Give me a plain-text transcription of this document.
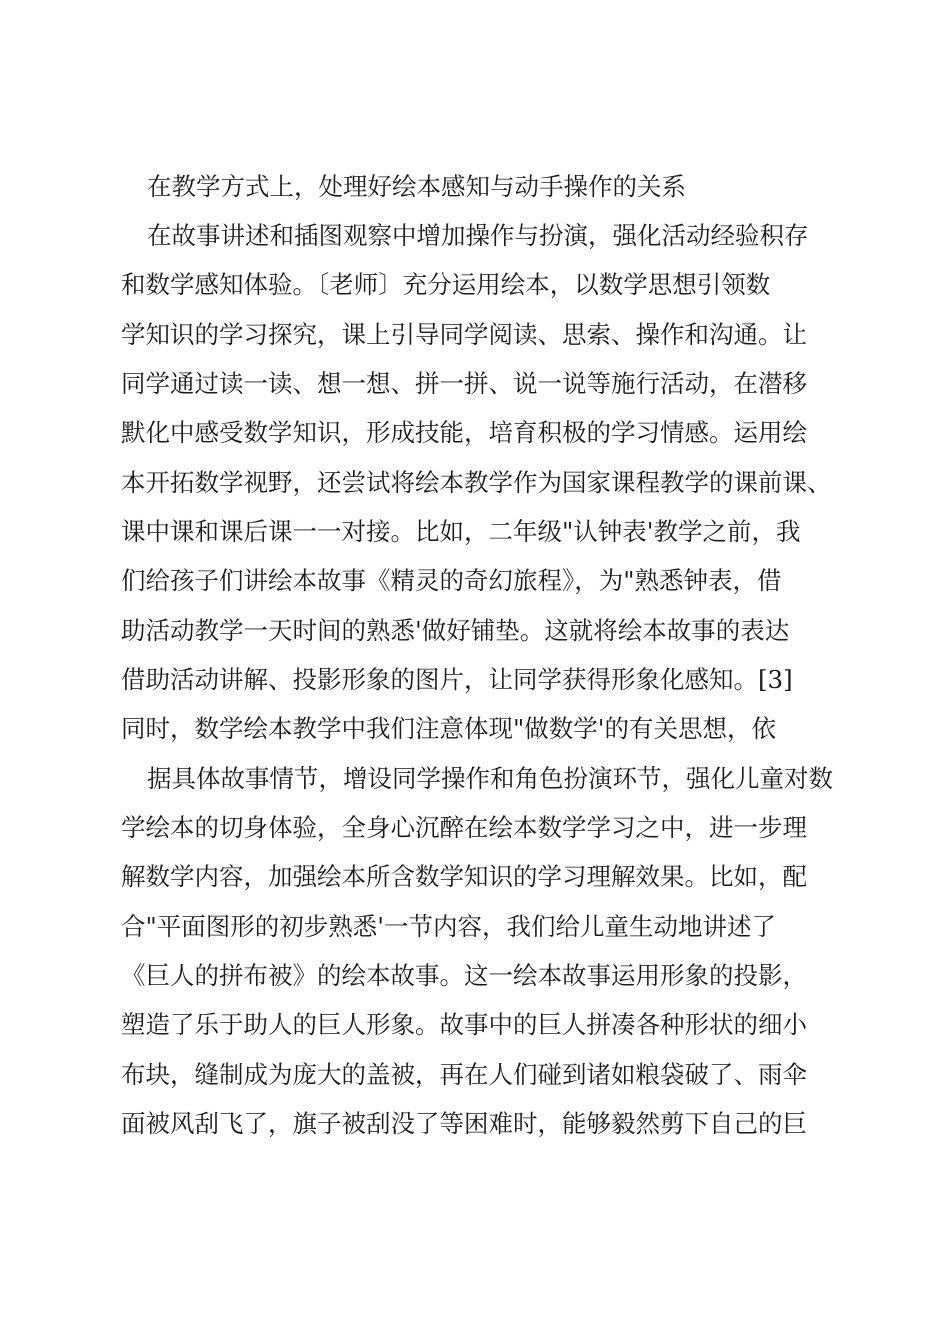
在教学方式上，处理好绘本感知与动手操作的关系

在故事讲述和插图观察中增加操作与扮演，强化活动经验积存

和数学感知体验。〔老师〕充分运用绘本，以数学思想引领数

学知识的学习探究，课上引导同学阅读、思索、操作和沟通。让

同学通过读一读、想一想、拼一拼、说一说等施行活动，在潜移

默化中感受数学知识，形成技能，培育积极的学习情感。运用绘

本开拓数学视野，还尝试将绘本教学作为国家课程教学的课前课、

课中课和课后课一一对接。比如，二年级"认钟表'教学之前，我

们给孩子们讲绘本故事《精灵的奇幻旅程》，为"熟悉钟表，借

助活动教学一天时间的熟悉'做好铺垫。这就将绘本故事的表达

借助活动讲解、投影形象的图片，让同学获得形象化感知。[3]

同时，数学绘本教学中我们注意体现"做数学'的有关思想，依

据具体故事情节，增设同学操作和角色扮演环节，强化儿童对数

学绘本的切身体验，全身心沉醉在绘本数学学习之中，进一步理

解数学内容，加强绘本所含数学知识的学习理解效果。比如，配

合"平面图形的初步熟悉'一节内容，我们给儿童生动地讲述了

《巨人的拼布被》的绘本故事。这一绘本故事运用形象的投影，

塑造了乐于助人的巨人形象。故事中的巨人拼凑各种形状的细小

布块，缝制成为庞大的盖被，再在人们碰到诸如粮袋破了、雨伞

面被风刮飞了，旗子被刮没了等困难时，能够毅然剪下自己的巨
